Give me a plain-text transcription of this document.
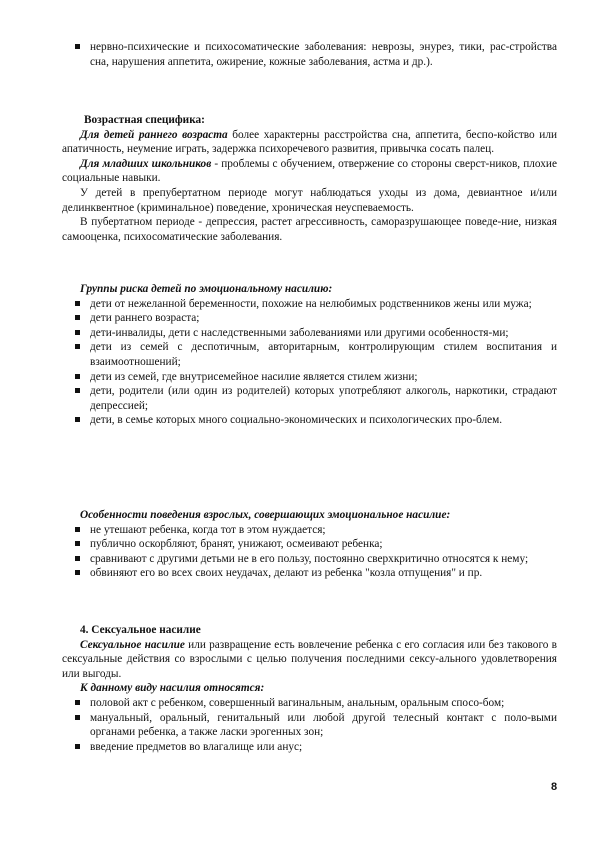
нервно-психические и психосоматические заболевания: неврозы, энурез, тики, рас-стройства сна, нарушения аппетита, ожирение, кожные заболевания, астма и др.).

Возрастная специфика:

Для детей раннего возраста более характерны расстройства сна, аппетита, беспо-койство или апатичность, неумение играть, задержка психоречевого развития, привычка сосать палец.

Для младших школьников - проблемы с обучением, отвержение со стороны сверст-ников, плохие социальные навыки.

У детей в препубертатном периоде могут наблюдаться уходы из дома, девиантное и/или делинквентное (криминальное) поведение, хроническая неуспеваемость.

В пубертатном периоде - депрессия, растет агрессивность, саморазрушающее поведе-ние, низкая самооценка, психосоматические заболевания.

Группы риска детей по эмоциональному насилию:

дети от нежеланной беременности, похожие на нелюбимых родственников жены или мужа;
дети раннего возраста;
дети-инвалиды, дети с наследственными заболеваниями или другими особенностя-ми;
дети из семей с деспотичным, авторитарным, контролирующим стилем воспитания и взаимоотношений;
дети из семей, где внутрисемейное насилие является стилем жизни;
дети, родители (или один из родителей) которых употребляют алкоголь, наркотики, страдают депрессией;
дети, в семье которых много социально-экономических и психологических про-блем.

Особенности поведения взрослых, совершающих эмоциональное насилие:

не утешают ребенка, когда тот в этом нуждается;
публично оскорбляют, бранят, унижают, осмеивают ребенка;
сравнивают с другими детьми не в его пользу, постоянно сверхкритично относятся к нему;
обвиняют его во всех своих неудачах, делают из ребенка "козла отпущения" и пр.

4. Сексуальное насилие

Сексуальное насилие или развращение есть вовлечение ребенка с его согласия или без такового в сексуальные действия со взрослыми с целью получения последними сексу-ального удовлетворения или выгоды.

К данному виду насилия относятся:

половой акт с ребенком, совершенный вагинальным, анальным, оральным спосо-бом;
мануальный, оральный, генитальный или любой другой телесный контакт с поло-выми органами ребенка, а также ласки эрогенных зон;
введение предметов во влагалище или анус;
8
